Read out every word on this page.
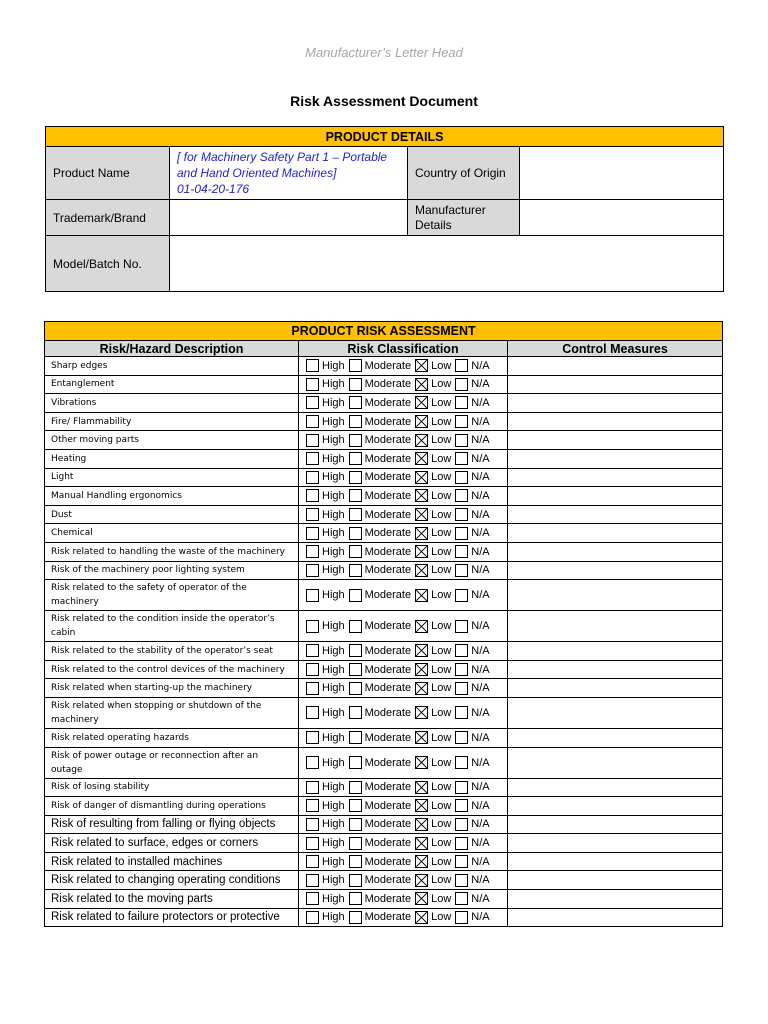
Manufacturer’s Letter Head
Risk Assessment Document
PRODUCT DETAILS			
Product Name	[ for Machinery Safety Part 1 – Portable
and Hand Oriented Machines]
01-04-20-176	Country of Origin	
Trademark/Brand		Manufacturer
Details	

Model/Batch No.			
PRODUCT RISK ASSESSMENT		
Risk/Hazard Description	Risk Classification	Control Measures
Sharp edges	High Moderate Low N/A	

Entanglement	High Moderate Low N/A	

Vibrations	High Moderate Low N/A	

Fire/ Flammability	High Moderate Low N/A	

Other moving parts	High Moderate Low N/A	

Heating	High Moderate Low N/A	

Light	High Moderate Low N/A	

Manual Handling ergonomics	High Moderate Low N/A	

Dust	High Moderate Low N/A	

Chemical	High Moderate Low N/A	

Risk related to handling the waste of the machinery	High Moderate Low N/A	

Risk of the machinery poor lighting system	High Moderate Low N/A	

Risk related to the safety of operator of the machinery	High Moderate Low N/A	

Risk related to the condition inside the operator’s cabin	High Moderate Low N/A	

Risk related to the stability of the operator’s seat	High Moderate Low N/A	

Risk related to the control devices of the machinery	High Moderate Low N/A	

Risk related when starting-up the machinery	High Moderate Low N/A	

Risk related when stopping or shutdown of the machinery	High Moderate Low N/A	

Risk related operating hazards	High Moderate Low N/A	

Risk of power outage or reconnection after an outage	High Moderate Low N/A	

Risk of losing stability	High Moderate Low N/A	

Risk of danger of dismantling during operations	High Moderate Low N/A	

Risk of resulting from falling or flying objects	High Moderate Low N/A	

Risk related to surface, edges or corners	High Moderate Low N/A	

Risk related to installed machines	High Moderate Low N/A	

Risk related to changing operating conditions	High Moderate Low N/A	

Risk related to the moving parts	High Moderate Low N/A	

Risk related to failure protectors or protective	High Moderate Low N/A	
